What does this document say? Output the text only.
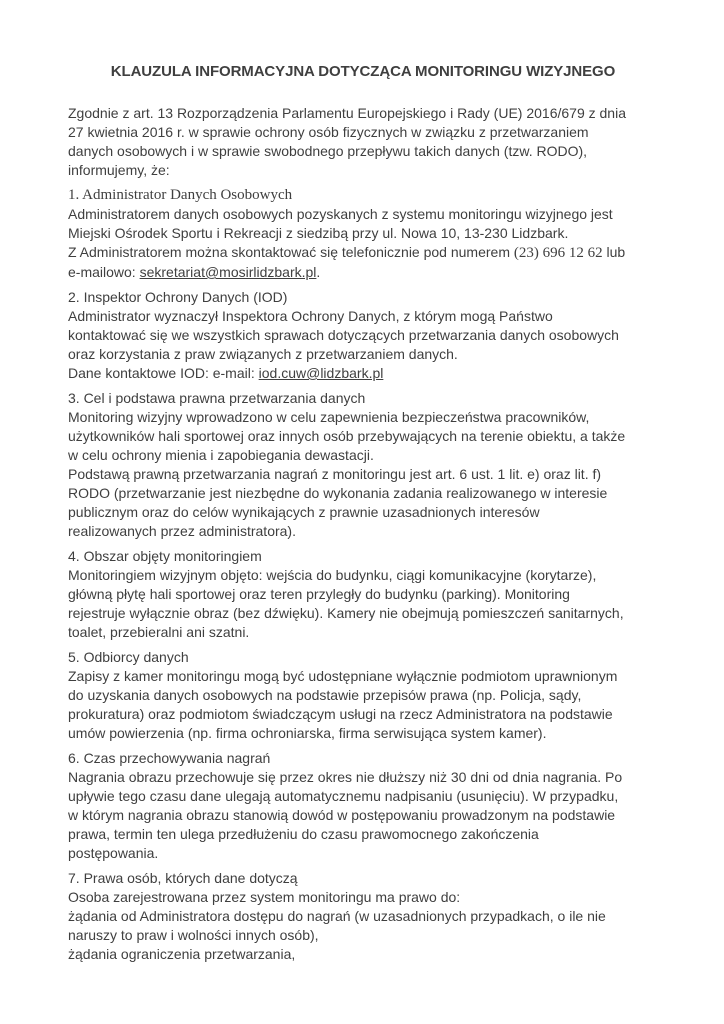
KLAUZULA INFORMACYJNA DOTYCZĄCA MONITORINGU WIZYJNEGO
Zgodnie z art. 13 Rozporządzenia Parlamentu Europejskiego i Rady (UE) 2016/679 z dnia
27 kwietnia 2016 r. w sprawie ochrony osób fizycznych w związku z przetwarzaniem
danych osobowych i w sprawie swobodnego przepływu takich danych (tzw. RODO),
informujemy, że:
1. Administrator Danych Osobowych
Administratorem danych osobowych pozyskanych z systemu monitoringu wizyjnego jest
Miejski Ośrodek Sportu i Rekreacji z siedzibą przy ul. Nowa 10, 13-230 Lidzbark.
Z Administratorem można skontaktować się telefonicznie pod numerem (23) 696 12 62 lub
e-mailowo: sekretariat@mosirlidzbark.pl.
2. Inspektor Ochrony Danych (IOD)
Administrator wyznaczył Inspektora Ochrony Danych, z którym mogą Państwo
kontaktować się we wszystkich sprawach dotyczących przetwarzania danych osobowych
oraz korzystania z praw związanych z przetwarzaniem danych.
Dane kontaktowe IOD: e-mail: iod.cuw@lidzbark.pl
3. Cel i podstawa prawna przetwarzania danych
Monitoring wizyjny wprowadzono w celu zapewnienia bezpieczeństwa pracowników,
użytkowników hali sportowej oraz innych osób przebywających na terenie obiektu, a także
w celu ochrony mienia i zapobiegania dewastacji.
Podstawą prawną przetwarzania nagrań z monitoringu jest art. 6 ust. 1 lit. e) oraz lit. f)
RODO (przetwarzanie jest niezbędne do wykonania zadania realizowanego w interesie
publicznym oraz do celów wynikających z prawnie uzasadnionych interesów
realizowanych przez administratora).
4. Obszar objęty monitoringiem
Monitoringiem wizyjnym objęto: wejścia do budynku, ciągi komunikacyjne (korytarze),
główną płytę hali sportowej oraz teren przyległy do budynku (parking). Monitoring
rejestruje wyłącznie obraz (bez dźwięku). Kamery nie obejmują pomieszczeń sanitarnych,
toalet, przebieralni ani szatni.
5. Odbiorcy danych
Zapisy z kamer monitoringu mogą być udostępniane wyłącznie podmiotom uprawnionym
do uzyskania danych osobowych na podstawie przepisów prawa (np. Policja, sądy,
prokuratura) oraz podmiotom świadczącym usługi na rzecz Administratora na podstawie
umów powierzenia (np. firma ochroniarska, firma serwisująca system kamer).
6. Czas przechowywania nagrań
Nagrania obrazu przechowuje się przez okres nie dłuższy niż 30 dni od dnia nagrania. Po
upływie tego czasu dane ulegają automatycznemu nadpisaniu (usunięciu). W przypadku,
w którym nagrania obrazu stanowią dowód w postępowaniu prowadzonym na podstawie
prawa, termin ten ulega przedłużeniu do czasu prawomocnego zakończenia
postępowania.
7. Prawa osób, których dane dotyczą
Osoba zarejestrowana przez system monitoringu ma prawo do:
żądania od Administratora dostępu do nagrań (w uzasadnionych przypadkach, o ile nie
naruszy to praw i wolności innych osób),
żądania ograniczenia przetwarzania,
